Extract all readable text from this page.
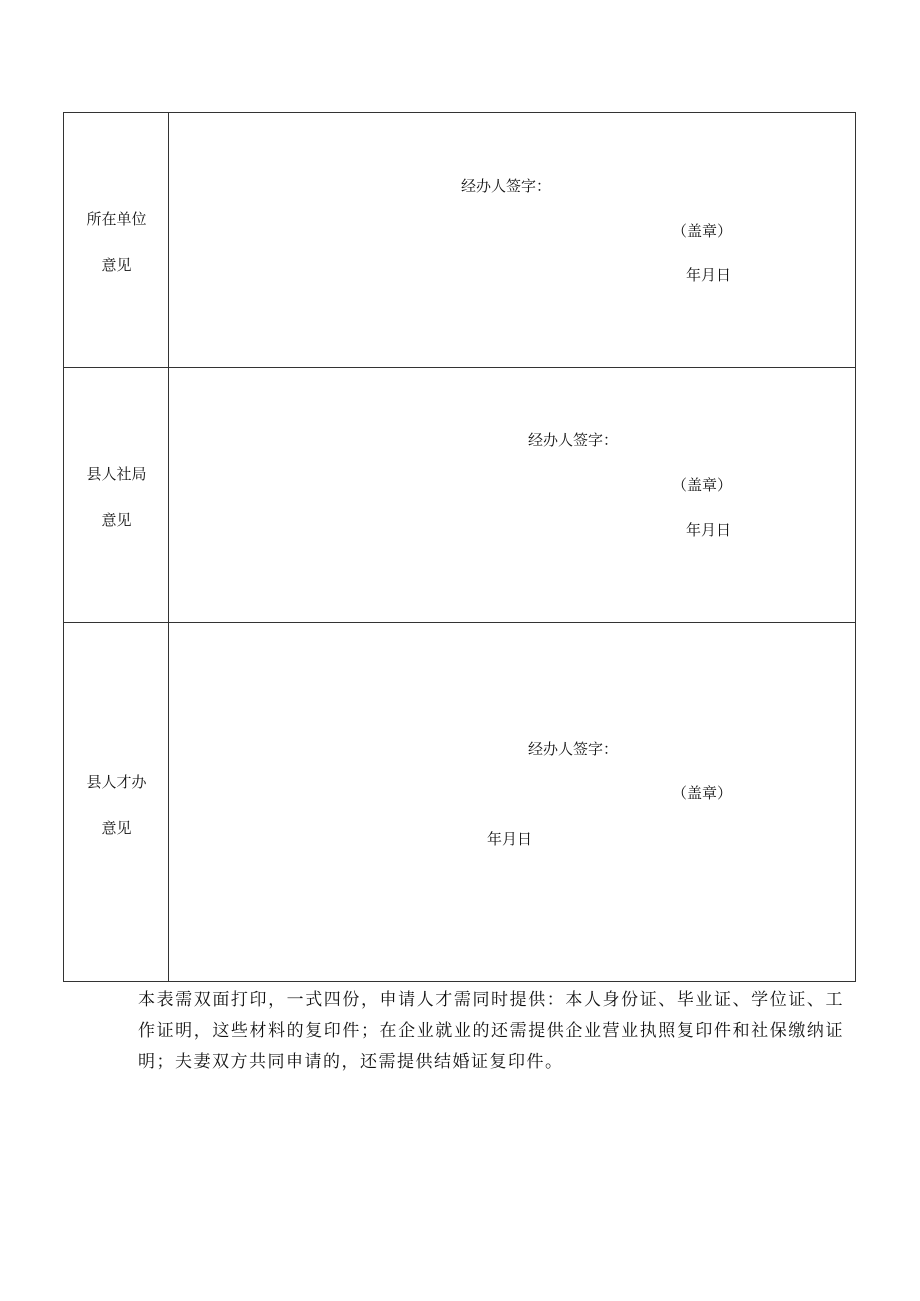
所在单位
意见
经办人签字：
（盖章）
年月日
县人社局
意见
经办人签字：
（盖章）
年月日
县人才办
意见
经办人签字：
（盖章）
年月日
本表需双面打印，一式四份，申请人才需同时提供：本人身份证、毕业证、学位证、工作证明，这些材料的复印件；在企业就业的还需提供企业营业执照复印件和社保缴纳证明；夫妻双方共同申请的，还需提供结婚证复印件。
